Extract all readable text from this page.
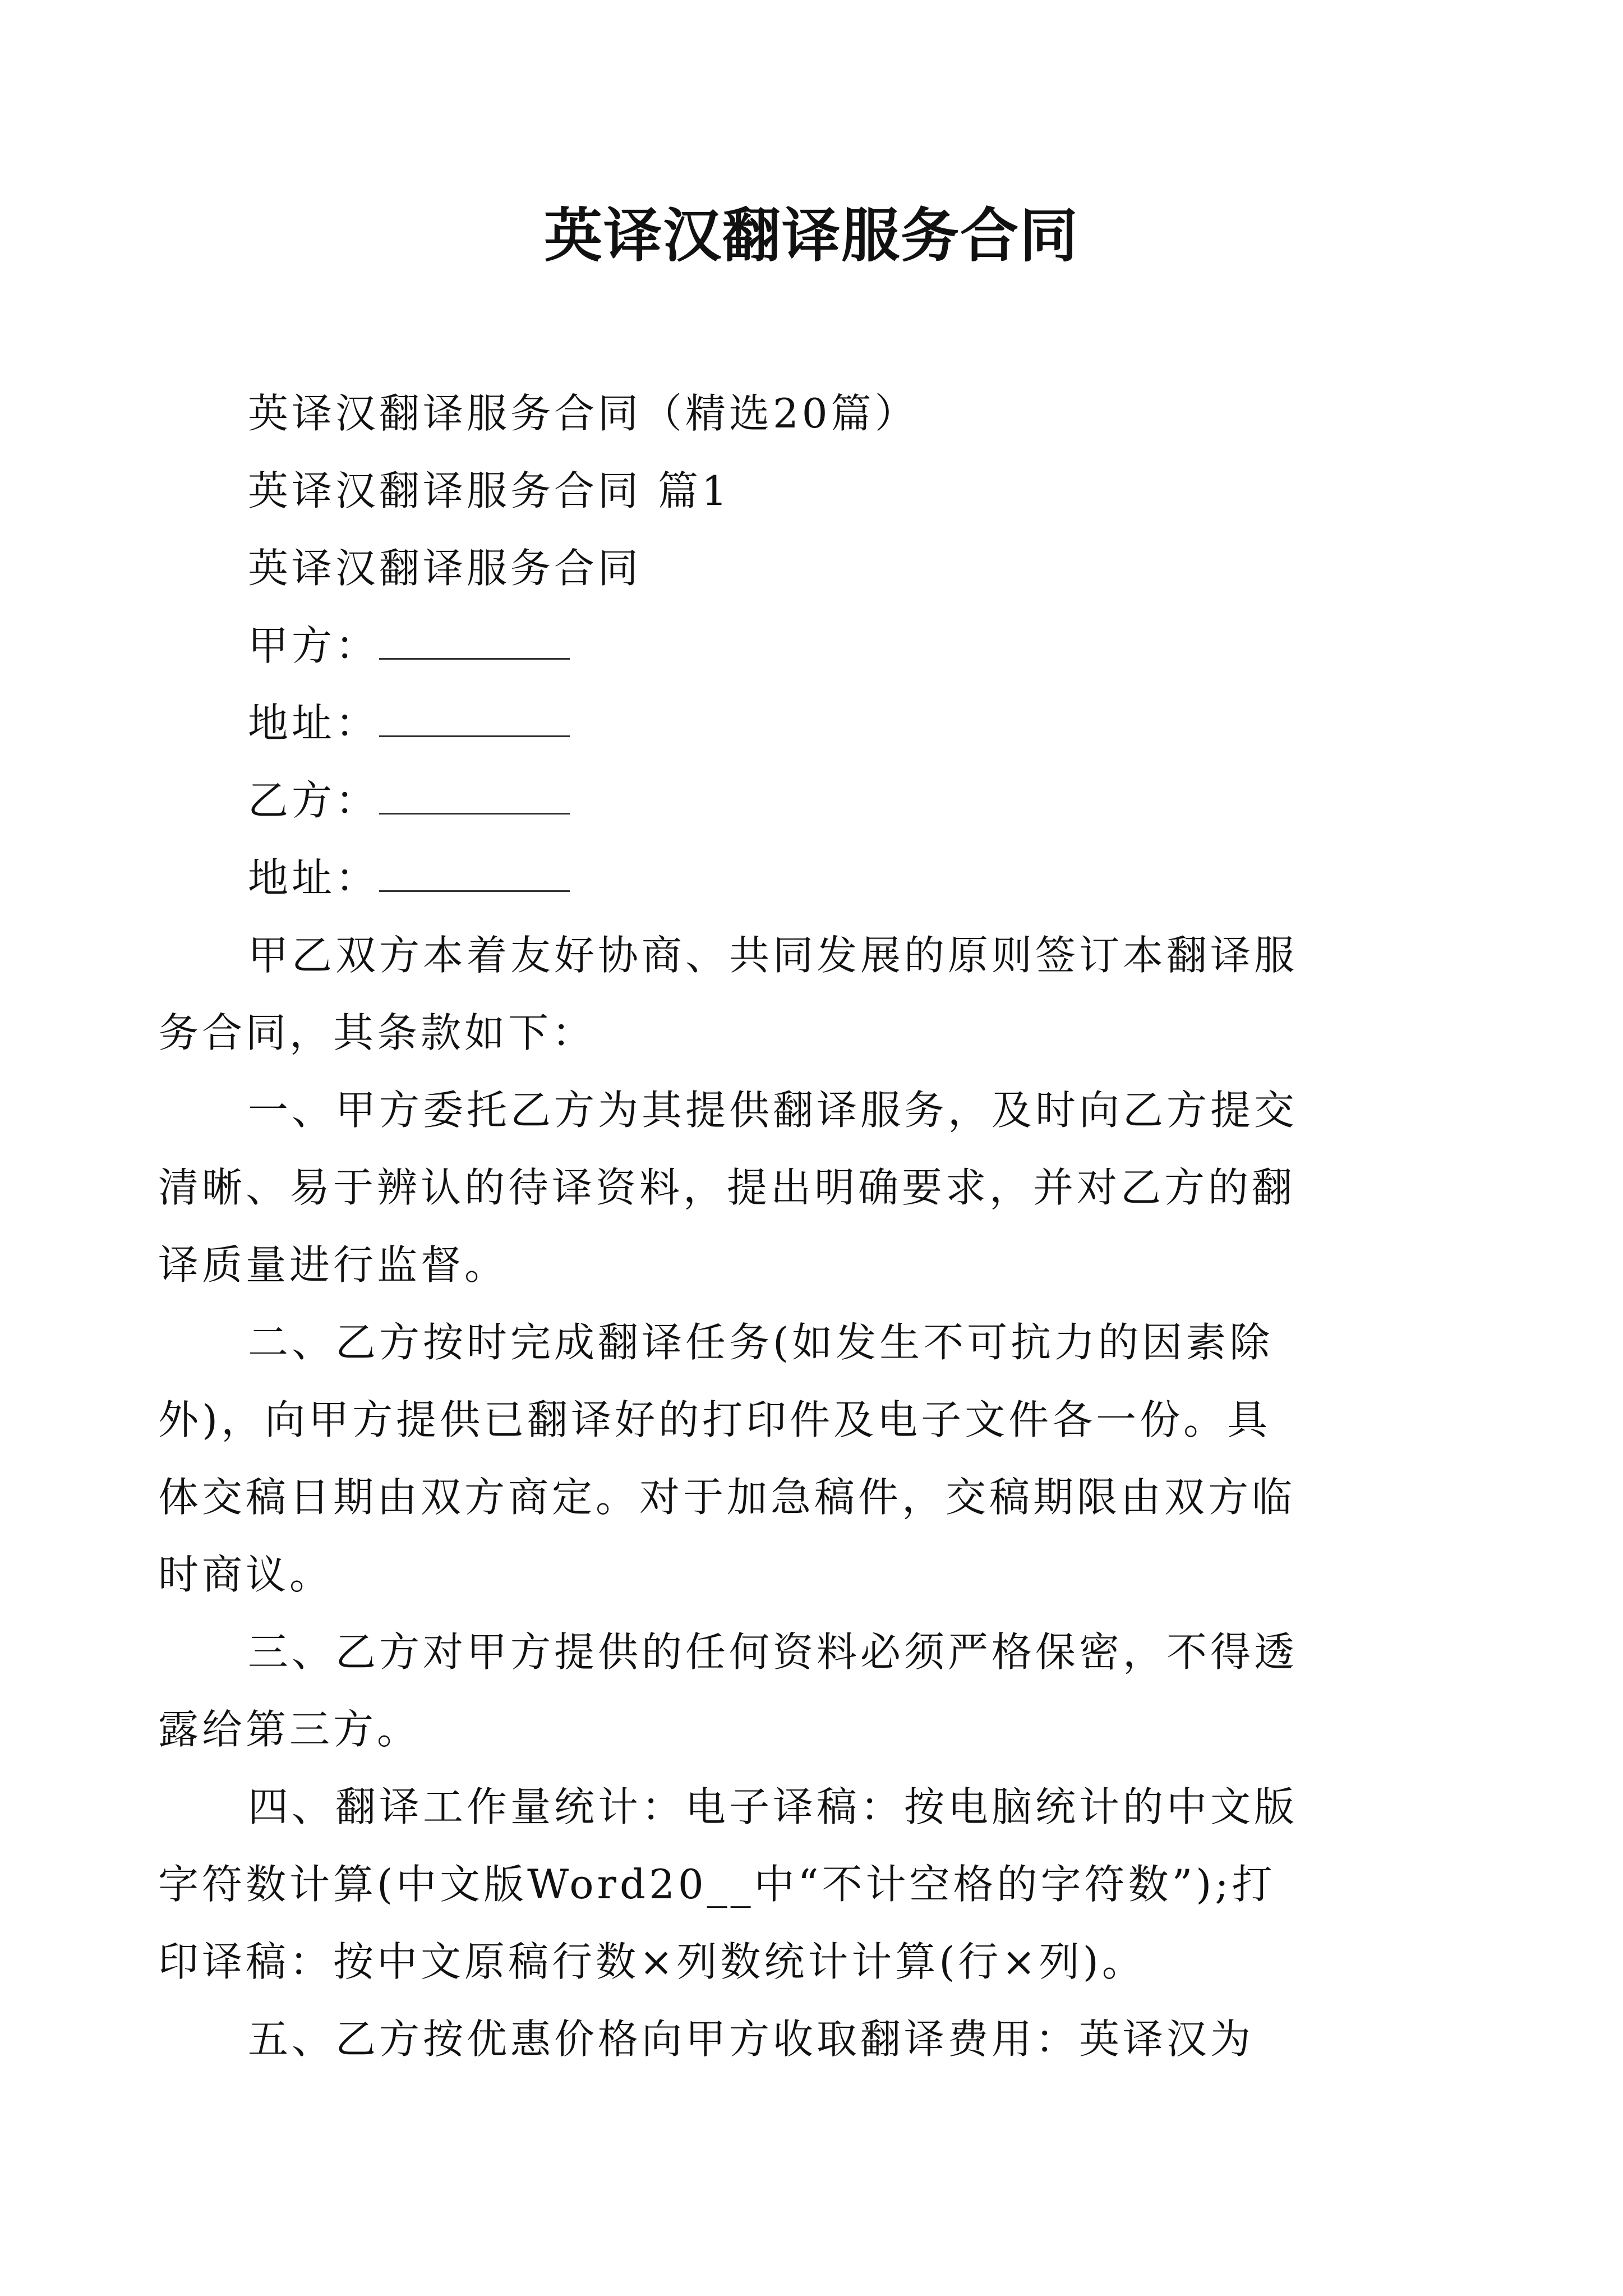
英译汉翻译服务合同
英译汉翻译服务合同（精选20篇）
英译汉翻译服务合同 篇1
英译汉翻译服务合同
甲方：
地址：
乙方：
地址：
甲乙双方本着友好协商、共同发展的原则签订本翻译服
务合同，其条款如下：
一、甲方委托乙方为其提供翻译服务，及时向乙方提交
清晰、易于辨认的待译资料，提出明确要求，并对乙方的翻
译质量进行监督。
二、乙方按时完成翻译任务(如发生不可抗力的因素除
外)，向甲方提供已翻译好的打印件及电子文件各一份。具
体交稿日期由双方商定。对于加急稿件，交稿期限由双方临
时商议。
三、乙方对甲方提供的任何资料必须严格保密，不得透
露给第三方。
四、翻译工作量统计：电子译稿：按电脑统计的中文版
字符数计算(中文版Word20__中“不计空格的字符数”);打
印译稿：按中文原稿行数×列数统计计算(行×列)。
五、乙方按优惠价格向甲方收取翻译费用：英译汉为
